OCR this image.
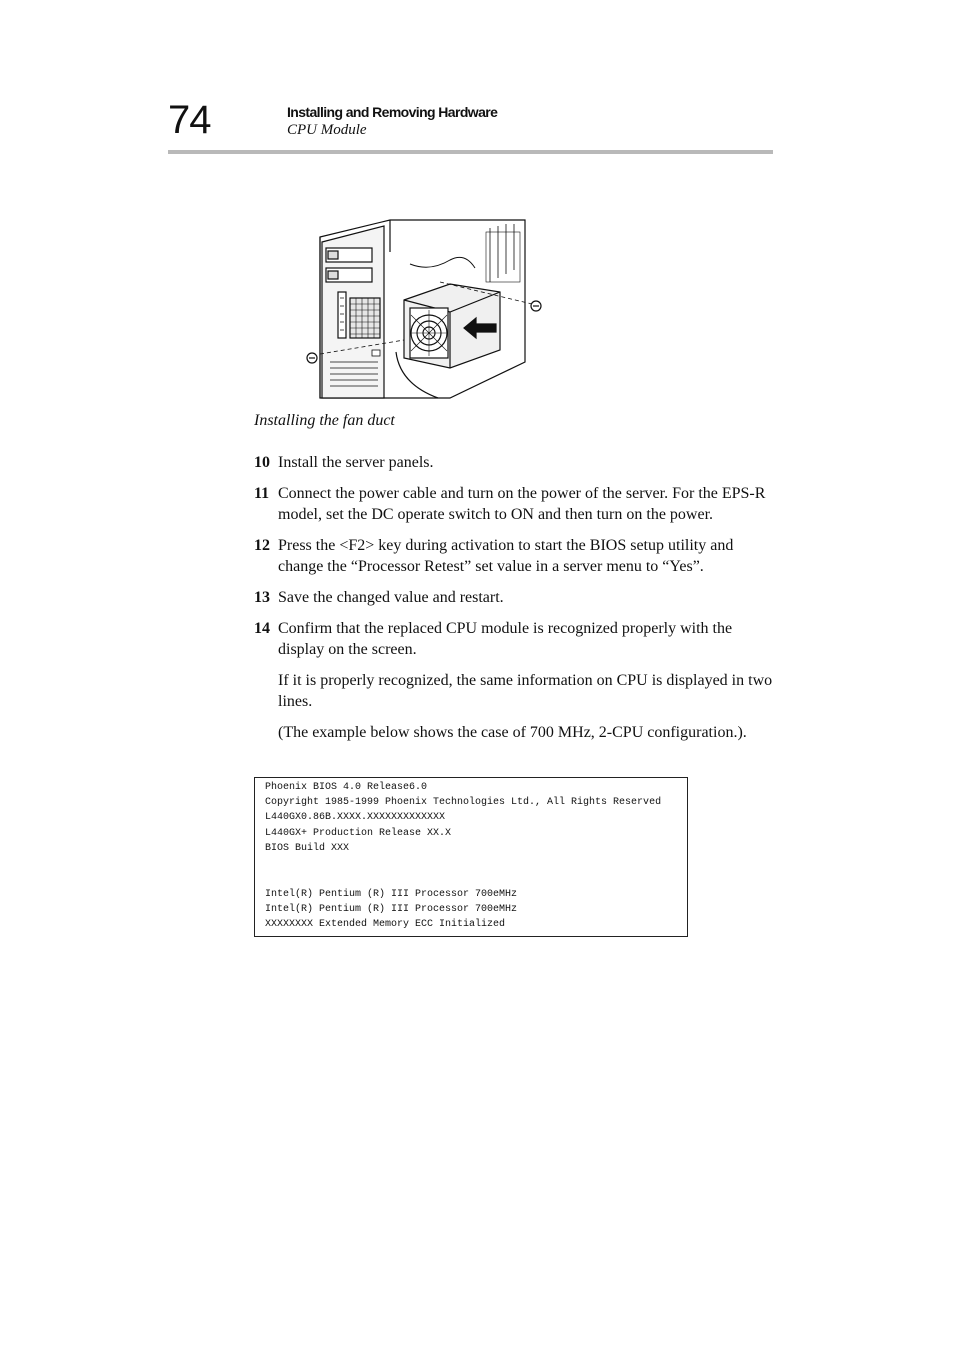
74	Installing and Removing Hardware
CPU Module
Installing the fan duct
10 Install the server panels.

11 Connect the power cable and turn on the power of the server. For the EPS-R model, set the DC operate switch to ON and then turn on the power.

12 Press the <F2> key during activation to start the BIOS setup utility and change the “Processor Retest” set value in a server menu to “Yes”.

13 Save the changed value and restart.

14 Confirm that the replaced CPU module is recognized properly with the display on the screen.

If it is properly recognized, the same information on CPU is displayed in two lines.

(The example below shows the case of 700 MHz, 2-CPU configuration.).

Phoenix BIOS 4.0 Release6.0
Copyright 1985-1999 Phoenix Technologies Ltd., All Rights Reserved
L440GX0.86B.XXXX.XXXXXXXXXXXXX
L440GX+ Production Release XX.X
BIOS Build XXX
Intel(R) Pentium (R) III Processor 700eMHz
Intel(R) Pentium (R) III Processor 700eMHz
XXXXXXXX Extended Memory ECC Initialized
